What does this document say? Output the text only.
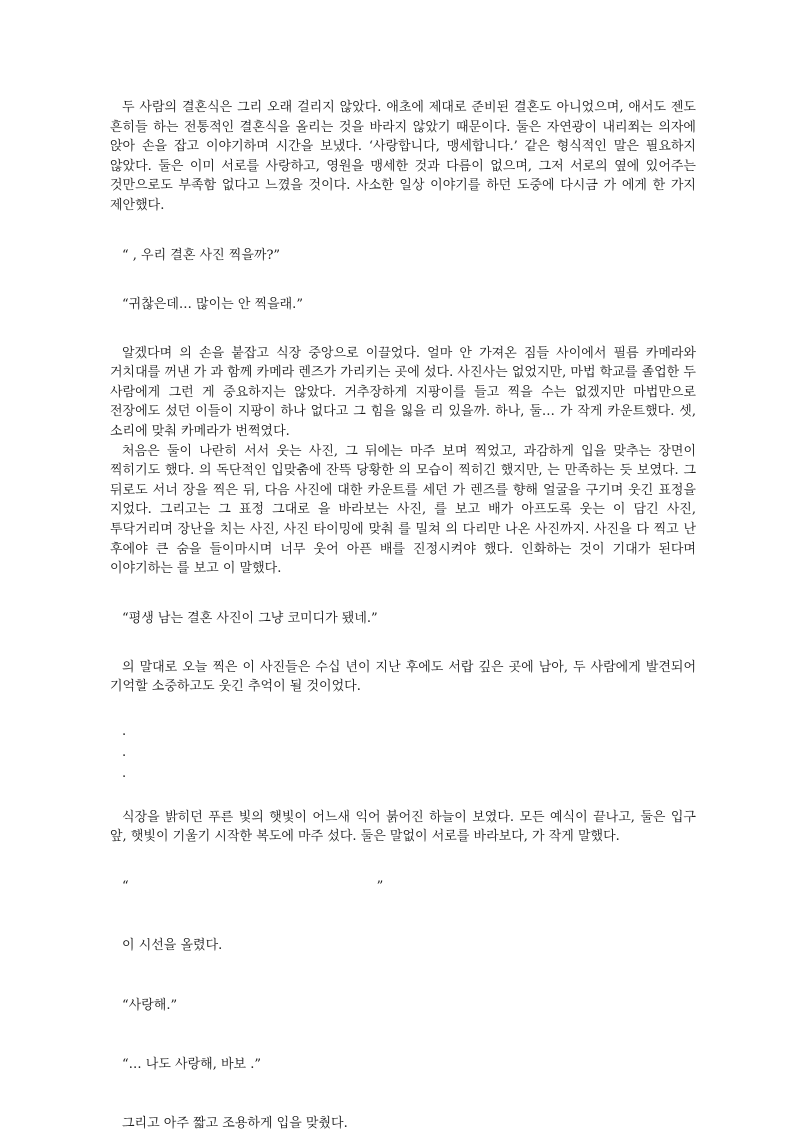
두 사람의 결혼식은 그리 오래 걸리지 않았다. 애초에 제대로 준비된 결혼도 아니었으며, 애서도 젠도 흔히들 하는 전통적인 결혼식을 올리는 것을 바라지 않았기 때문이다. 둘은 자연광이 내리쬐는 의자에 앉아 손을 잡고 이야기하며 시간을 보냈다. ‘사랑합니다, 맹세합니다.’ 같은 형식적인 말은 필요하지 않았다. 둘은 이미 서로를 사랑하고, 영원을 맹세한 것과 다름이 없으며, 그저 서로의 옆에 있어주는 것만으로도 부족함 없다고 느꼈을 것이다. 사소한 일상 이야기를 하던 도중에 다시금 가 에게 한 가지 제안했다.

“ , 우리 결혼 사진 찍을까?”

“귀찮은데… 많이는 안 찍을래.”

알겠다며 의 손을 붙잡고 식장 중앙으로 이끌었다. 얼마 안 가져온 짐들 사이에서 필름 카메라와 거치대를 꺼낸 가 과 함께 카메라 렌즈가 가리키는 곳에 섰다. 사진사는 없었지만, 마법 학교를 졸업한 두 사람에게 그런 게 중요하지는 않았다. 거추장하게 지팡이를 들고 찍을 수는 없겠지만 마법만으로 전장에도 섰던 이들이 지팡이 하나 없다고 그 힘을 잃을 리 있을까. 하나, 둘… 가 작게 카운트했다. 셋, 소리에 맞춰 카메라가 번쩍였다.

처음은 둘이 나란히 서서 웃는 사진, 그 뒤에는 마주 보며 찍었고, 과감하게 입을 맞추는 장면이 찍히기도 했다. 의 독단적인 입맞춤에 잔뜩 당황한 의 모습이 찍히긴 했지만, 는 만족하는 듯 보였다. 그 뒤로도 서너 장을 찍은 뒤, 다음 사진에 대한 카운트를 세던 가 렌즈를 향해 얼굴을 구기며 웃긴 표정을 지었다. 그리고는 그 표정 그대로 을 바라보는 사진, 를 보고 배가 아프도록 웃는 이 담긴 사진, 투닥거리며 장난을 치는 사진, 사진 타이밍에 맞춰 를 밀쳐 의 다리만 나온 사진까지. 사진을 다 찍고 난 후에야 큰 숨을 들이마시며 너무 웃어 아픈 배를 진정시켜야 했다. 인화하는 것이 기대가 된다며 이야기하는 를 보고 이 말했다.

“평생 남는 결혼 사진이 그냥 코미디가 됐네.”

의 말대로 오늘 찍은 이 사진들은 수십 년이 지난 후에도 서랍 깊은 곳에 남아, 두 사람에게 발견되어 기억할 소중하고도 웃긴 추억이 될 것이었다.

.

.

.

식장을 밝히던 푸른 빛의 햇빛이 어느새 익어 붉어진 하늘이 보였다. 모든 예식이 끝나고, 둘은 입구 앞, 햇빛이 기울기 시작한 복도에 마주 섰다. 둘은 말없이 서로를 바라보다, 가 작게 말했다.

“                                                            ”

이 시선을 올렸다.

“사랑해.”

“… 나도 사랑해, 바보 .”

그리고 아주 짧고 조용하게 입을 맞췄다.
